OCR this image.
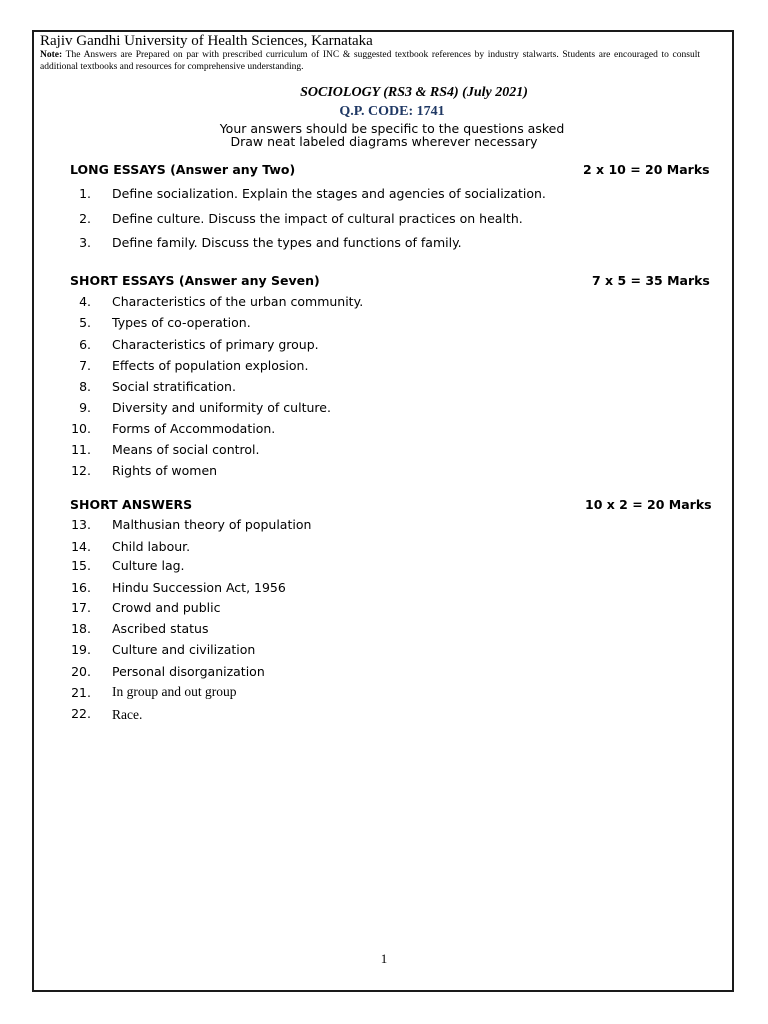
Rajiv Gandhi University of Health Sciences, Karnataka
Note: The Answers are Prepared on par with prescribed curriculum of INC & suggested textbook references by industry stalwarts. Students are encouraged to consult additional textbooks and resources for comprehensive understanding.
SOCIOLOGY (RS3 & RS4) (July 2021)
Q.P. CODE: 1741
Your answers should be specific to the questions asked
Draw neat labeled diagrams wherever necessary
LONG ESSAYS (Answer any Two)	2 x 10 = 20 Marks
1. Define socialization. Explain the stages and agencies of socialization.
2. Define culture. Discuss the impact of cultural practices on health.
3. Define family. Discuss the types and functions of family.
SHORT ESSAYS (Answer any Seven)	7 x 5 = 35 Marks
4. Characteristics of the urban community.
5. Types of co-operation.
6. Characteristics of primary group.
7. Effects of population explosion.
8. Social stratification.
9. Diversity and uniformity of culture.
10. Forms of Accommodation.
11. Means of social control.
12. Rights of women
SHORT ANSWERS	10 x 2 = 20 Marks
13. Malthusian theory of population
14. Child labour.
15. Culture lag.
16. Hindu Succession Act, 1956
17. Crowd and public
18. Ascribed status
19. Culture and civilization
20. Personal disorganization
21. In group and out group
22. Race.
1
